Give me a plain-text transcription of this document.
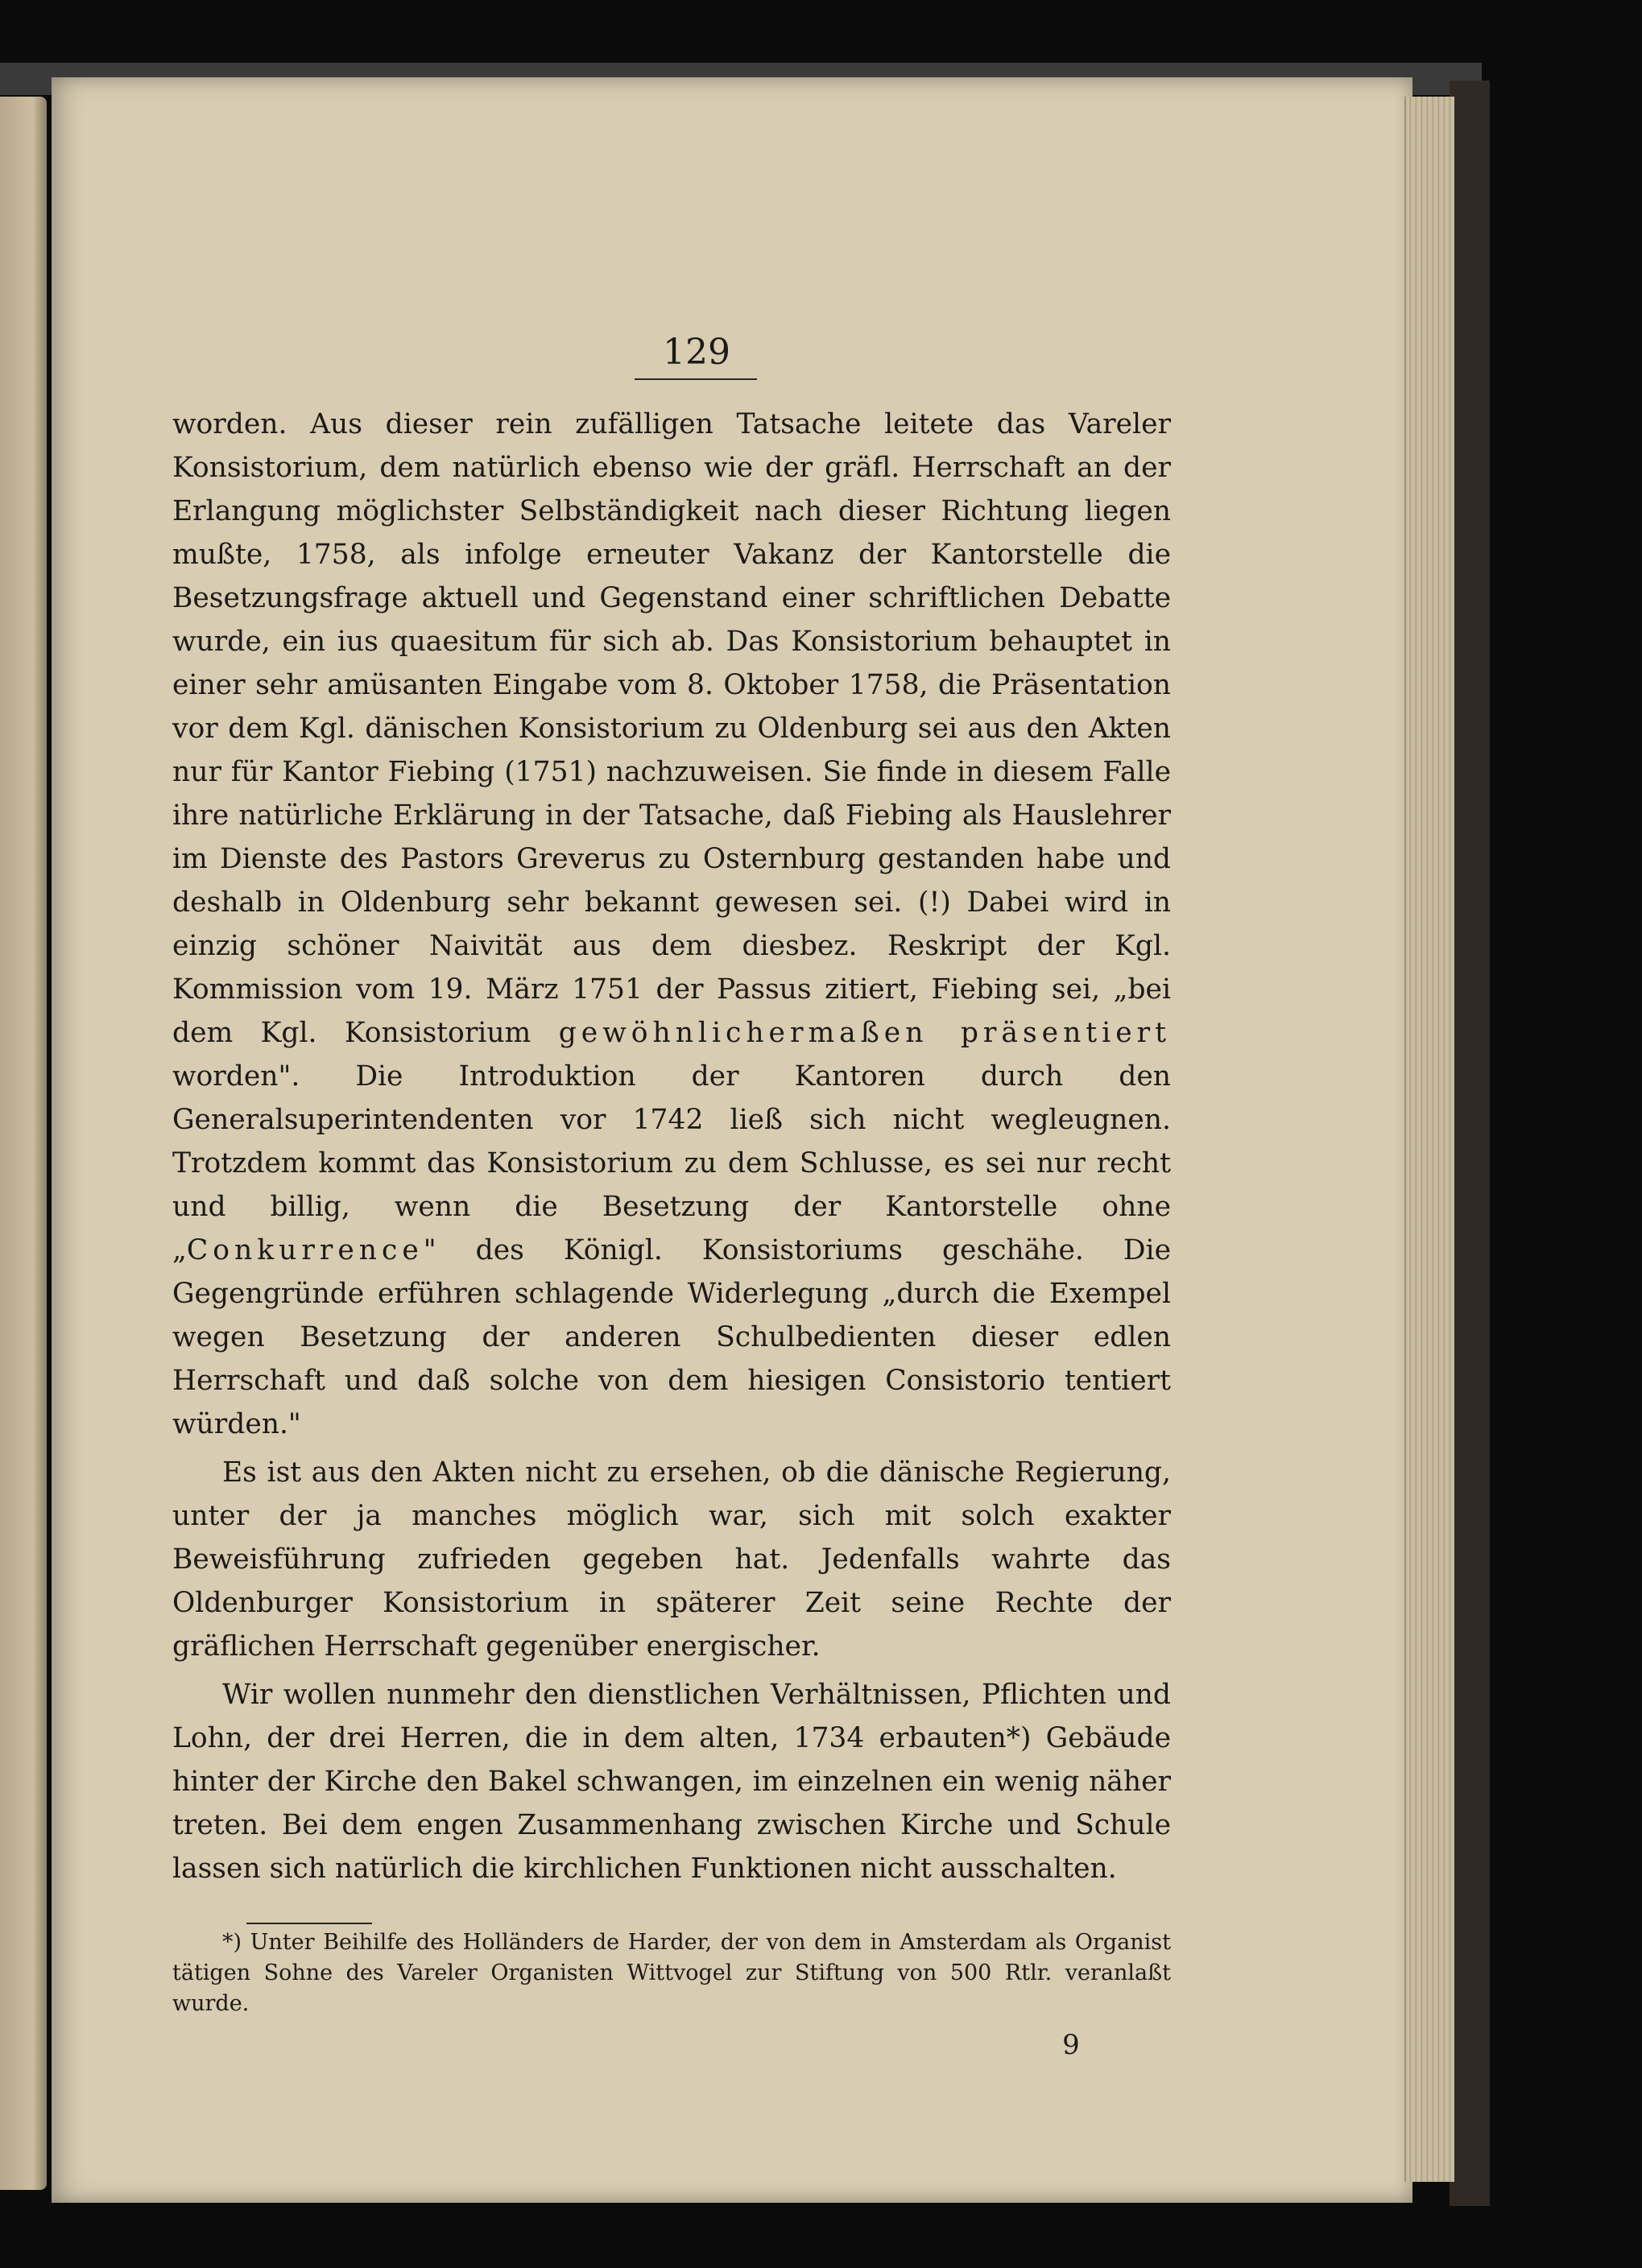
129

worden. Aus dieser rein zufälligen Tatsache leitete das Vareler Konsistorium, dem natürlich ebenso wie der gräfl. Herrschaft an der Erlangung möglichster Selbständigkeit nach dieser Richtung liegen mußte, 1758, als infolge erneuter Vakanz der Kantorstelle die Besetzungsfrage aktuell und Gegenstand einer schriftlichen Debatte wurde, ein ius quaesitum für sich ab. Das Konsistorium behauptet in einer sehr amüsanten Eingabe vom 8. Oktober 1758, die Präsentation vor dem Kgl. dänischen Konsistorium zu Oldenburg sei aus den Akten nur für Kantor Fiebing (1751) nachzuweisen. Sie finde in diesem Falle ihre natürliche Erklärung in der Tatsache, daß Fiebing als Hauslehrer im Dienste des Pastors Greverus zu Osternburg gestanden habe und deshalb in Oldenburg sehr bekannt gewesen sei. (!) Dabei wird in einzig schöner Naivität aus dem diesbez. Reskript der Kgl. Kommission vom 19. März 1751 der Passus zitiert, Fiebing sei, „bei dem Kgl. Konsistorium gewöhnlichermaßen präsentiert worden". Die Introduktion der Kantoren durch den Generalsuperintendenten vor 1742 ließ sich nicht wegleugnen. Trotzdem kommt das Konsistorium zu dem Schlusse, es sei nur recht und billig, wenn die Besetzung der Kantorstelle ohne „Conkurrence" des Königl. Konsistoriums geschähe. Die Gegengründe erführen schlagende Widerlegung „durch die Exempel wegen Besetzung der anderen Schulbedienten dieser edlen Herrschaft und daß solche von dem hiesigen Consistorio tentiert würden."

Es ist aus den Akten nicht zu ersehen, ob die dänische Regierung, unter der ja manches möglich war, sich mit solch exakter Beweisführung zufrieden gegeben hat. Jedenfalls wahrte das Oldenburger Konsistorium in späterer Zeit seine Rechte der gräflichen Herrschaft gegenüber energischer.

Wir wollen nunmehr den dienstlichen Verhältnissen, Pflichten und Lohn, der drei Herren, die in dem alten, 1734 erbauten*) Gebäude hinter der Kirche den Bakel schwangen, im einzelnen ein wenig näher treten. Bei dem engen Zusammenhang zwischen Kirche und Schule lassen sich natürlich die kirchlichen Funktionen nicht ausschalten.

*) Unter Beihilfe des Holländers de Harder, der von dem in Amsterdam als Organist tätigen Sohne des Vareler Organisten Wittvogel zur Stiftung von 500 Rtlr. veranlaßt wurde.

9
